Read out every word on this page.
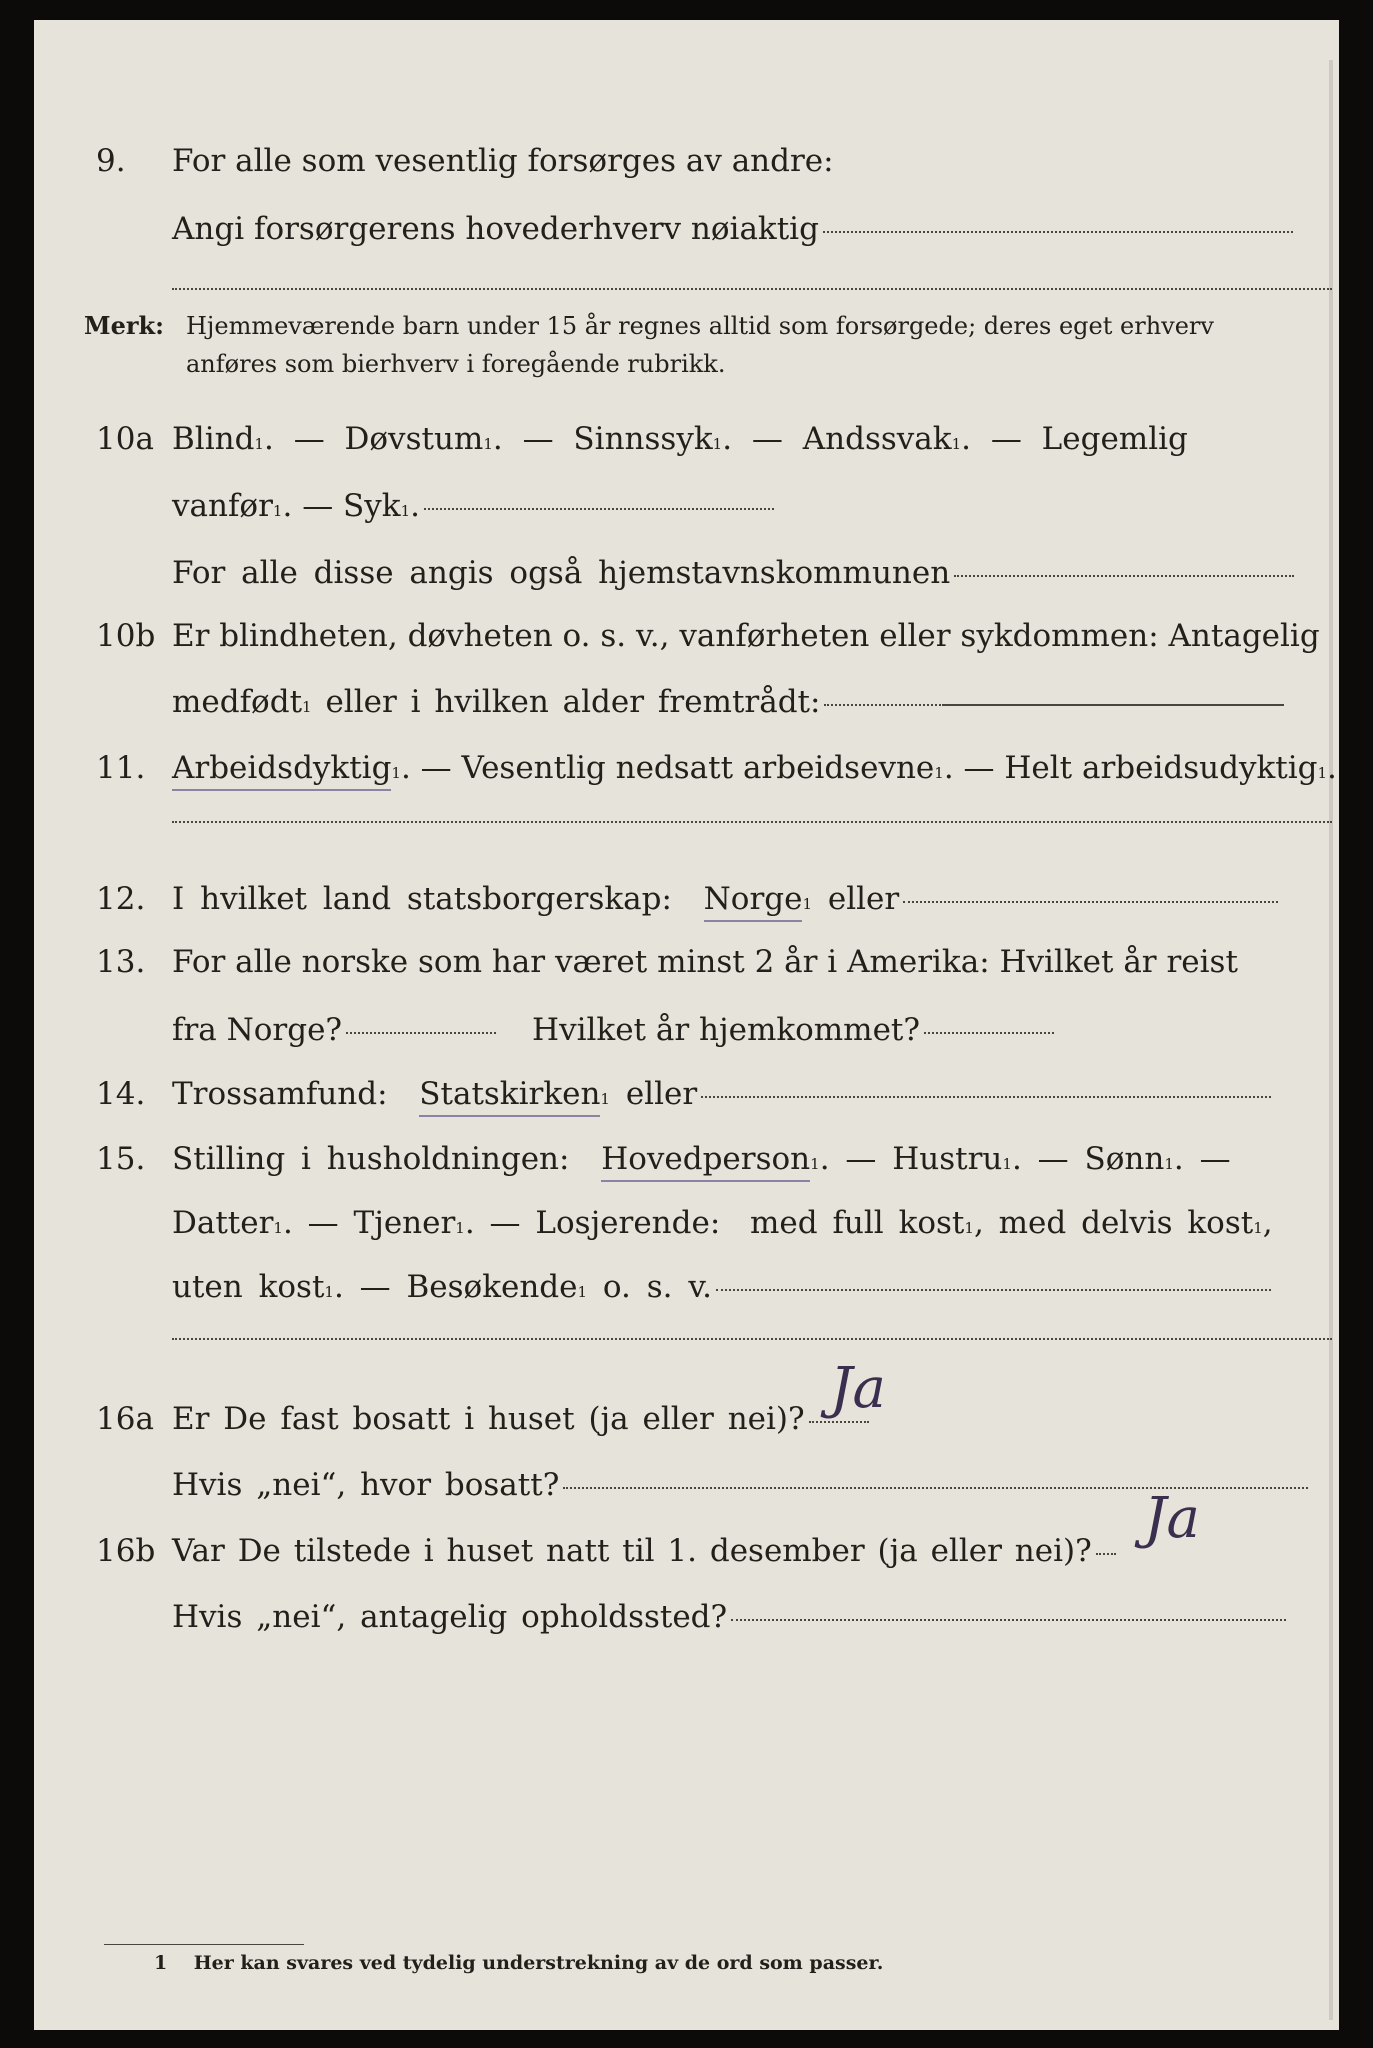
9.	For alle som vesentlig forsørges av andre:
Angi forsørgerens hovederhverv nøiaktig
Merk: Hjemmeværende barn under 15 år regnes alltid som forsørgede; deres eget erhverv
anføres som bierhverv i foregående rubrikk.
10a Blind 1 . — Døvstum 1 . — Sinnssyk 1 . — Andssvak 1 . — Legemlig
vanfør 1 . — Syk 1 .
For alle disse angis også hjemstavnskommunen
10b Er blindheten, døvheten o. s. v., vanførheten eller sykdommen: Antagelig
medfødt 1
eller i hvilken alder fremtrådt:
11. Arbeidsdyktig 1 . — Vesentlig nedsatt arbeidsevne 1 . — Helt arbeidsudyktig 1 .
12. I hvilket land statsborgerskap:
Norge 1
eller
13. For alle norske som har været minst 2 år i Amerika: Hvilket år reist
fra Norge?	Hvilket år hjemkommet?
14. Trossamfund:
Statskirken 1
eller
15. Stilling i husholdningen:
Hovedperson 1 . — Hustru 1 . — Sønn 1 . —
Datter 1 . — Tjener 1 . — Losjerende:
med full kost 1 , med delvis kost 1 ,
uten kost 1 . — Besøkende 1
o. s. v.
16a Er De fast bosatt i huset (ja eller nei)? Ja
Hvis „nei“, hvor bosatt?
16b Var De tilstede i huset natt til 1. desember (ja eller nei)? Ja
Hvis „nei“, antagelig opholdssted?
1 Her kan svares ved tydelig understrekning av de ord som passer.
